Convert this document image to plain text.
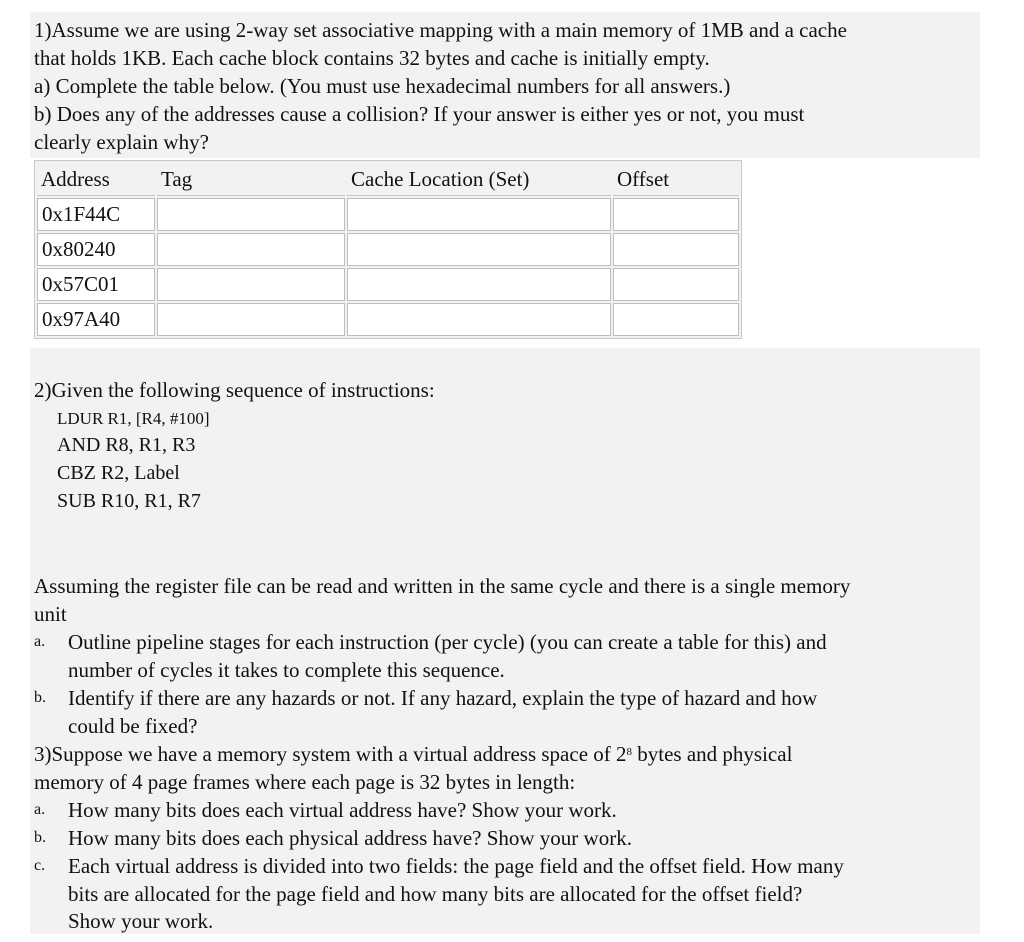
1)Assume we are using 2-way set associative mapping with a main memory of 1MB and a cache
that holds 1KB. Each cache block contains 32 bytes and cache is initially empty.
a) Complete the table below. (You must use hexadecimal numbers for all answers.)
b) Does any of the addresses cause a collision? If your answer is either yes or not, you must
clearly explain why?
Address	Tag	Cache Location (Set)	Offset
0x1F44C			
0x80240			
0x57C01			
0x97A40			
2)Given the following sequence of instructions:
LDUR R1, [R4, #100]
AND R8, R1, R3
CBZ R2, Label
SUB R10, R1, R7
Assuming the register file can be read and written in the same cycle and there is a single memory
unit
a. Outline pipeline stages for each instruction (per cycle) (you can create a table for this) and
number of cycles it takes to complete this sequence.
b. Identify if there are any hazards or not. If any hazard, explain the type of hazard and how
could be fixed?
3)Suppose we have a memory system with a virtual address space of $2^8$ bytes and physical
memory of 4 page frames where each page is 32 bytes in length:
a. How many bits does each virtual address have? Show your work.
b. How many bits does each physical address have? Show your work.
c. Each virtual address is divided into two fields: the page field and the offset field. How many
bits are allocated for the page field and how many bits are allocated for the offset field?
Show your work.
